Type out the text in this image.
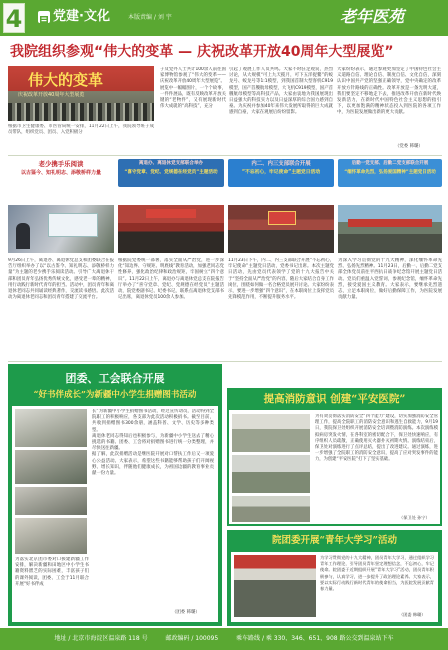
4 党建·文化	本版责编 / 刘 宇	老年医苑
我院组织参观“伟大的变革 — 庆祝改革开放40周年大型展览”
伟大的变革
庆祝改革开放40周年大型展览
根据市卫生健康委、市医管局统一安排，11月22日上午，我院领导班子成员带队，组织党员、团员、入党积极分
子及党外人士共计100余人前往国家博物馆参观了“伟大的变革——庆祝改革开放40周年大型展览”。
展览中一幅幅图片，一个个故事，一件件展品，既有反映改革开放关键的“老物件”，又有展现新时代伟大成就的“高科技”，充分
引起了观展工作人员共鸣。大家不时驻足观赏，热烈讨论，从大规模“可上九天揽月，可下五洋捉鳖”的蛟龙号、蛟龙号等1:1模型，到我国首制大型客机C919模型，国产首艘航母模型，大飞机C919模型，国产首艘航母模型等高科技产品，大家由衷地为我国展现出日益强大的科技实力以及日益深厚的综合国力感到自豪。为庆祝并参加40年来伟大发展所取得的巨大成就感到自豪，大家在观展后纷纷留影。
大家纷纷表示，通过参观更加坚定了中国特色社会主义道路自信、理论自信、制度自信、文化自信，深刻认识中国共产党的坚强正确领导，党中央确定的改革开放方针路线的正确性。改革开放是一条光明大道，我们要坚定不移地走下去，推进改革开放在新时代焕发新活力，在新时代中国特色社会主义思想的指引下，以更加饱满的精神状态投入到医院的各项工作中，为医院发展做出新的更大贡献。
（党委 韩璐）
老少携手乐阅读
以古鉴今、知礼明志、添敬桥样力量
9月26日上午，离退办、离退休党总支和团委联合在报告厅组织举办了以“以古鉴今、知礼明志、添敬桥样力量”为主题的老少携手乐阅读活动。引导广大离退休干部和团员青年弘扬优秀传统文化，感受老一辈的精神，用行动践行新时代青年的担当。活动中，团员青年和离退休老同志共同诵读经典著作，交流读书感悟。此次活动为离退休老同志和团员青年搭建了交流平台。
离退办、离退休党支部联合举办
“喜守党章、党纪、党规德在经党员”主题活动
根据院党委统一部署，落实全面从严治党，进一步深化“知边界、守规矩、明底线”教育活动，加强老同志党性修养，强化政治纪律和政治规矩，牢固树立“四个意识”。11月22日上午，离退办与离退休党总支在院报告厅举办了“喜守党章、党纪、党规德在经党员”主题活动，院党委副书记、纪委书记，联系点离退休党支部书记出席，离退休党员100余人参加。
内二、内三支部联合开展
“不忘初心，牢记使命”主题党日活动
11月23日下午，内二、内三支部联合开展“不忘初心，牢记使命”主题党日活动，党委书记出席。本次主题党日活动，先由党员代表领学了党的十九大报告中关于“坚持全面从严治党”的内容，随后大家结合自身工作岗位，围绕如何做一名合格党员展开讨论。大家纷纷表示，要进一步增强“四个意识”，在本职岗位上发挥党员先锋模范作用，不断提升服务水平。
后勤一党支部、后勤二党支部联合开展
“缅怀革命先烈，弘扬爱国精神”主题党日活动
为深入学习贯彻党的十九大精神，深化缅怀革命先烈、弘扬先烈精神。11月23日，后勤一、后勤二党支部全体党员前往平西抗日战争纪念馆开展主题党日活动。党员们重温入党誓词，参观纪念馆，缅怀革命先烈，接受爱国主义教育。大家表示，要继承先烈遗志，立足本职岗位，做好后勤保障工作，为医院发展贡献力量。
团委、工会联合开展
“好书伴成长”为新疆中小学生捐赠图书活动
长”为新疆中小学生捐赠图书活动，经过宣传动员，活动得到全院职工的积极响应，各支部为此次活动积极捐书。截至目前，共收到捐赠图书300余册，涵盖科普、文学、历史等多种类型。
离退休老同志得知后也积极参与，为新疆中小学生送去了精心挑选的书籍。团委、工会将对捐赠图书进行统一分类整理，并尽快送往新疆。
据了解，此次捐赠活动是继医院开展对口帮扶工作后又一项爱心公益活动。大家表示，希望这些书籍能够帮助孩子们开阔视野、增长知识，伴随他们健康成长，为祖国边疆的教育事业贡献一份力量。
为落实北京团市委对口援建新疆工作安排，解决新疆和田地区中小学生书籍资料匮乏的实际困难，丰富孩子们的课外阅读，团委、工会于11月联合开展“好书伴成
（团委 韩璐）
提高消防意识 创建“平安医院”
为有效贯彻落实消防安全“四个能力”建设，切实加强消防安全管理工作，提高全院职工的消防安全意识和逃生自救能力，9月19日，我院保卫处组织开展消防安全培训暨消防演练。本次演练模拟病房突发火情，在各科室的密切配合下，保卫处快速响应，有序组织人员疏散，正确使用灭火器扑灭初期火情。演练结束后，保卫处对演练进行了点评总结，提出了改进建议。通过演练，进一步增强了全院职工的消防安全意识，提高了应对突发事件的能力，为创建“平安医院”打下了坚实基础。
（保卫处 孙宁）
院团委开展“青年大学习”活动
为学习贯彻党的十九大精神，团员青年大学习，通过组织学习青年工作理论，引导团员青年坚定理想信念，不忘初心，牢记使命。院团委于近期组织开展“青年大学习”活动，团员青年积极参与，认真学习，进一步提升了政治理论素养。大家表示，要以实际行动践行新时代青年的使命担当，为医院发展贡献青春力量。
（团委 韩璐）
地址 / 北京市海淀区温泉路 118 号	邮政编码 / 100095	乘车路线 / 乘 330、346、651、908 路公交到温泉站下车
